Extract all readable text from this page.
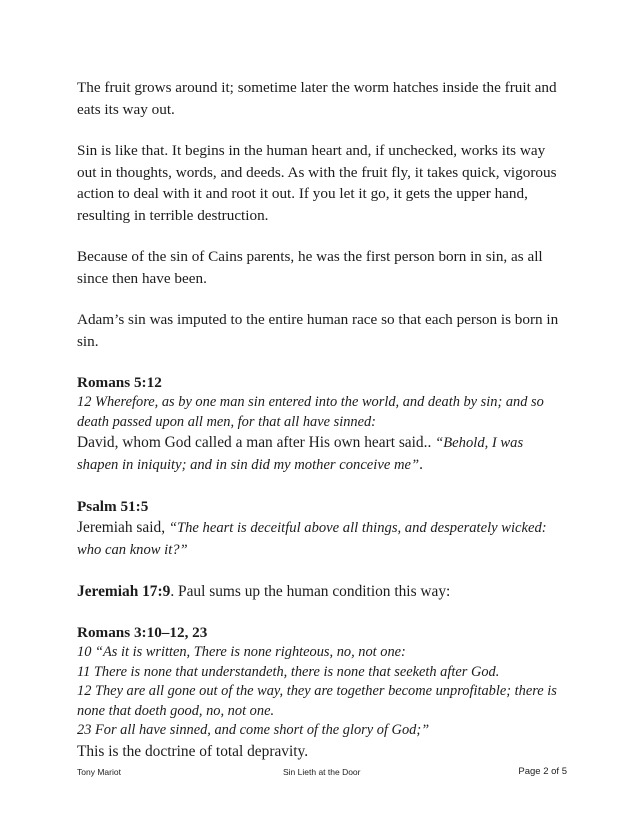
The fruit grows around it; sometime later the worm hatches inside the fruit and eats its way out.

Sin is like that. It begins in the human heart and, if unchecked, works its way out in thoughts, words, and deeds. As with the fruit fly, it takes quick, vigorous action to deal with it and root it out. If you let it go, it gets the upper hand, resulting in terrible destruction.

Because of the sin of Cains parents, he was the first person born in sin, as all since then have been.

Adam’s sin was imputed to the entire human race so that each person is born in sin.

Romans 5:12

12 Wherefore, as by one man sin entered into the world, and death by sin; and so death passed upon all men, for that all have sinned:

David, whom God called a man after His own heart said.. “Behold, I was shapen in iniquity; and in sin did my mother conceive me”.

Psalm 51:5

Jeremiah said, “The heart is deceitful above all things, and desperately wicked: who can know it?”

Jeremiah 17:9. Paul sums up the human condition this way:

Romans 3:10–12, 23

10 “As it is written, There is none righteous, no, not one:

11 There is none that understandeth, there is none that seeketh after God.

12 They are all gone out of the way, they are together become unprofitable; there is none that doeth good, no, not one.

23 For all have sinned, and come short of the glory of God;”

This is the doctrine of total depravity.

Tony Mariot	Sin Lieth at the Door	Page 2 of 5
